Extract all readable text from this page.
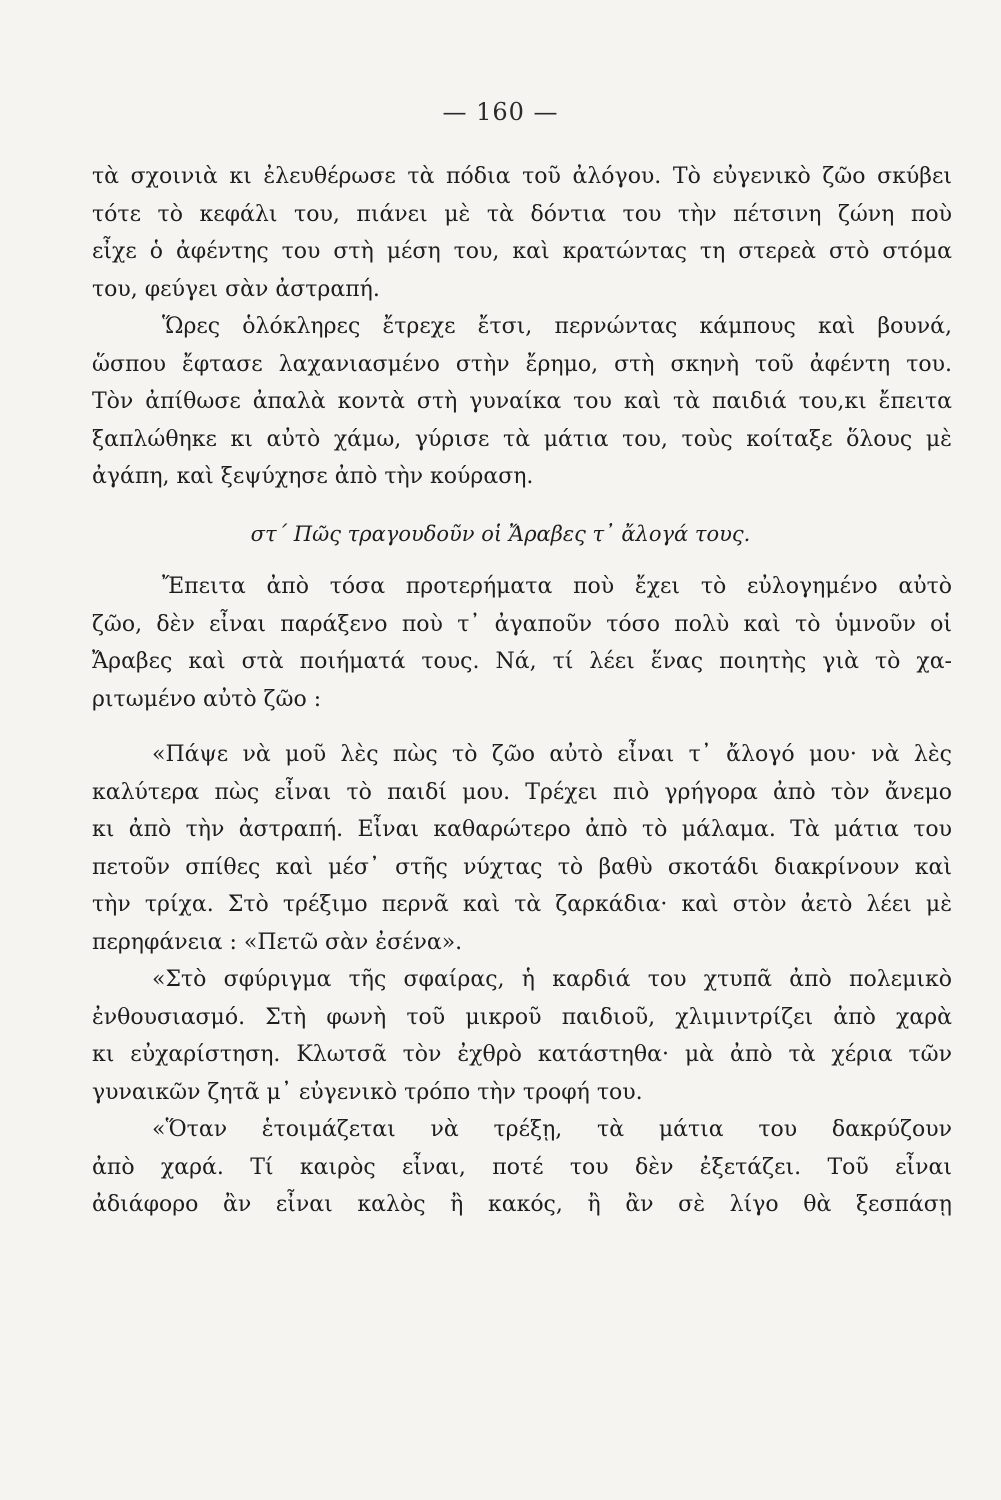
— 160 —
τὰ σχοινιὰ κι ἐλευθέρωσε τὰ πόδια τοῦ ἀλόγου. Τὸ εὐγενικὸ ζῶο σκύβει
τότε τὸ κεφάλι του, πιάνει μὲ τὰ δόντια του τὴν πέτσινη ζώνη ποὺ
εἶχε ὁ ἀφέντης του στὴ μέση του, καὶ κρατώντας τη στερεὰ στὸ στόμα
του, φεύγει σὰν ἀστραπή.
Ὥρες ὁλόκληρες ἔτρεχε ἔτσι, περνώντας κάμπους καὶ βουνά,
ὥσπου ἔφτασε λαχανιασμένο στὴν ἔρημο, στὴ σκηνὴ τοῦ ἀφέντη του.
Τὸν ἀπίθωσε ἀπαλὰ κοντὰ στὴ γυναίκα του καὶ τὰ παιδιά του,κι ἔπειτα
ξαπλώθηκε κι αὐτὸ χάμω, γύρισε τὰ μάτια του, τοὺς κοίταξε ὅλους μὲ
ἀγάπη, καὶ ξεψύχησε ἀπὸ τὴν κούραση.
στ΄ Πῶς τραγουδοῦν οἱ Ἄραβες τ᾽ ἄλογά τους.
Ἔπειτα ἀπὸ τόσα προτερήματα ποὺ ἔχει τὸ εὐλογημένο αὐτὸ
ζῶο, δὲν εἶναι παράξενο ποὺ τ᾽ ἀγαποῦν τόσο πολὺ καὶ τὸ ὑμνοῦν οἱ
Ἄραβες καὶ στὰ ποιήματά τους. Νά, τί λέει ἕνας ποιητὴς γιὰ τὸ χα-
ριτωμένο αὐτὸ ζῶο :
«Πάψε νὰ μοῦ λὲς πὼς τὸ ζῶο αὐτὸ εἶναι τ᾽ ἄλογό μου· νὰ λὲς
καλύτερα πὼς εἶναι τὸ παιδί μου. Τρέχει πιὸ γρήγορα ἀπὸ τὸν ἄνεμο
κι ἀπὸ τὴν ἀστραπή. Εἶναι καθαρώτερο ἀπὸ τὸ μάλαμα. Τὰ μάτια του
πετοῦν σπίθες καὶ μέσ᾽ στῆς νύχτας τὸ βαθὺ σκοτάδι διακρίνουν καὶ
τὴν τρίχα. Στὸ τρέξιμο περνᾶ καὶ τὰ ζαρκάδια· καὶ στὸν ἀετὸ λέει μὲ
περηφάνεια : «Πετῶ σὰν ἐσένα».
«Στὸ σφύριγμα τῆς σφαίρας, ἡ καρδιά του χτυπᾶ ἀπὸ πολεμικὸ
ἐνθουσιασμό. Στὴ φωνὴ τοῦ μικροῦ παιδιοῦ, χλιμιντρίζει ἀπὸ χαρὰ
κι εὐχαρίστηση. Κλωτσᾶ τὸν ἐχθρὸ κατάστηθα· μὰ ἀπὸ τὰ χέρια τῶν
γυναικῶν ζητᾶ μ᾽ εὐγενικὸ τρόπο τὴν τροφή του.
«Ὅταν ἑτοιμάζεται νὰ τρέξῃ, τὰ μάτια του δακρύζουν
ἀπὸ χαρά. Τί καιρὸς εἶναι, ποτέ του δὲν ἐξετάζει. Τοῦ εἶναι
ἀδιάφορο ἂν εἶναι καλὸς ἢ κακός, ἢ ἂν σὲ λίγο θὰ ξεσπάσῃ
